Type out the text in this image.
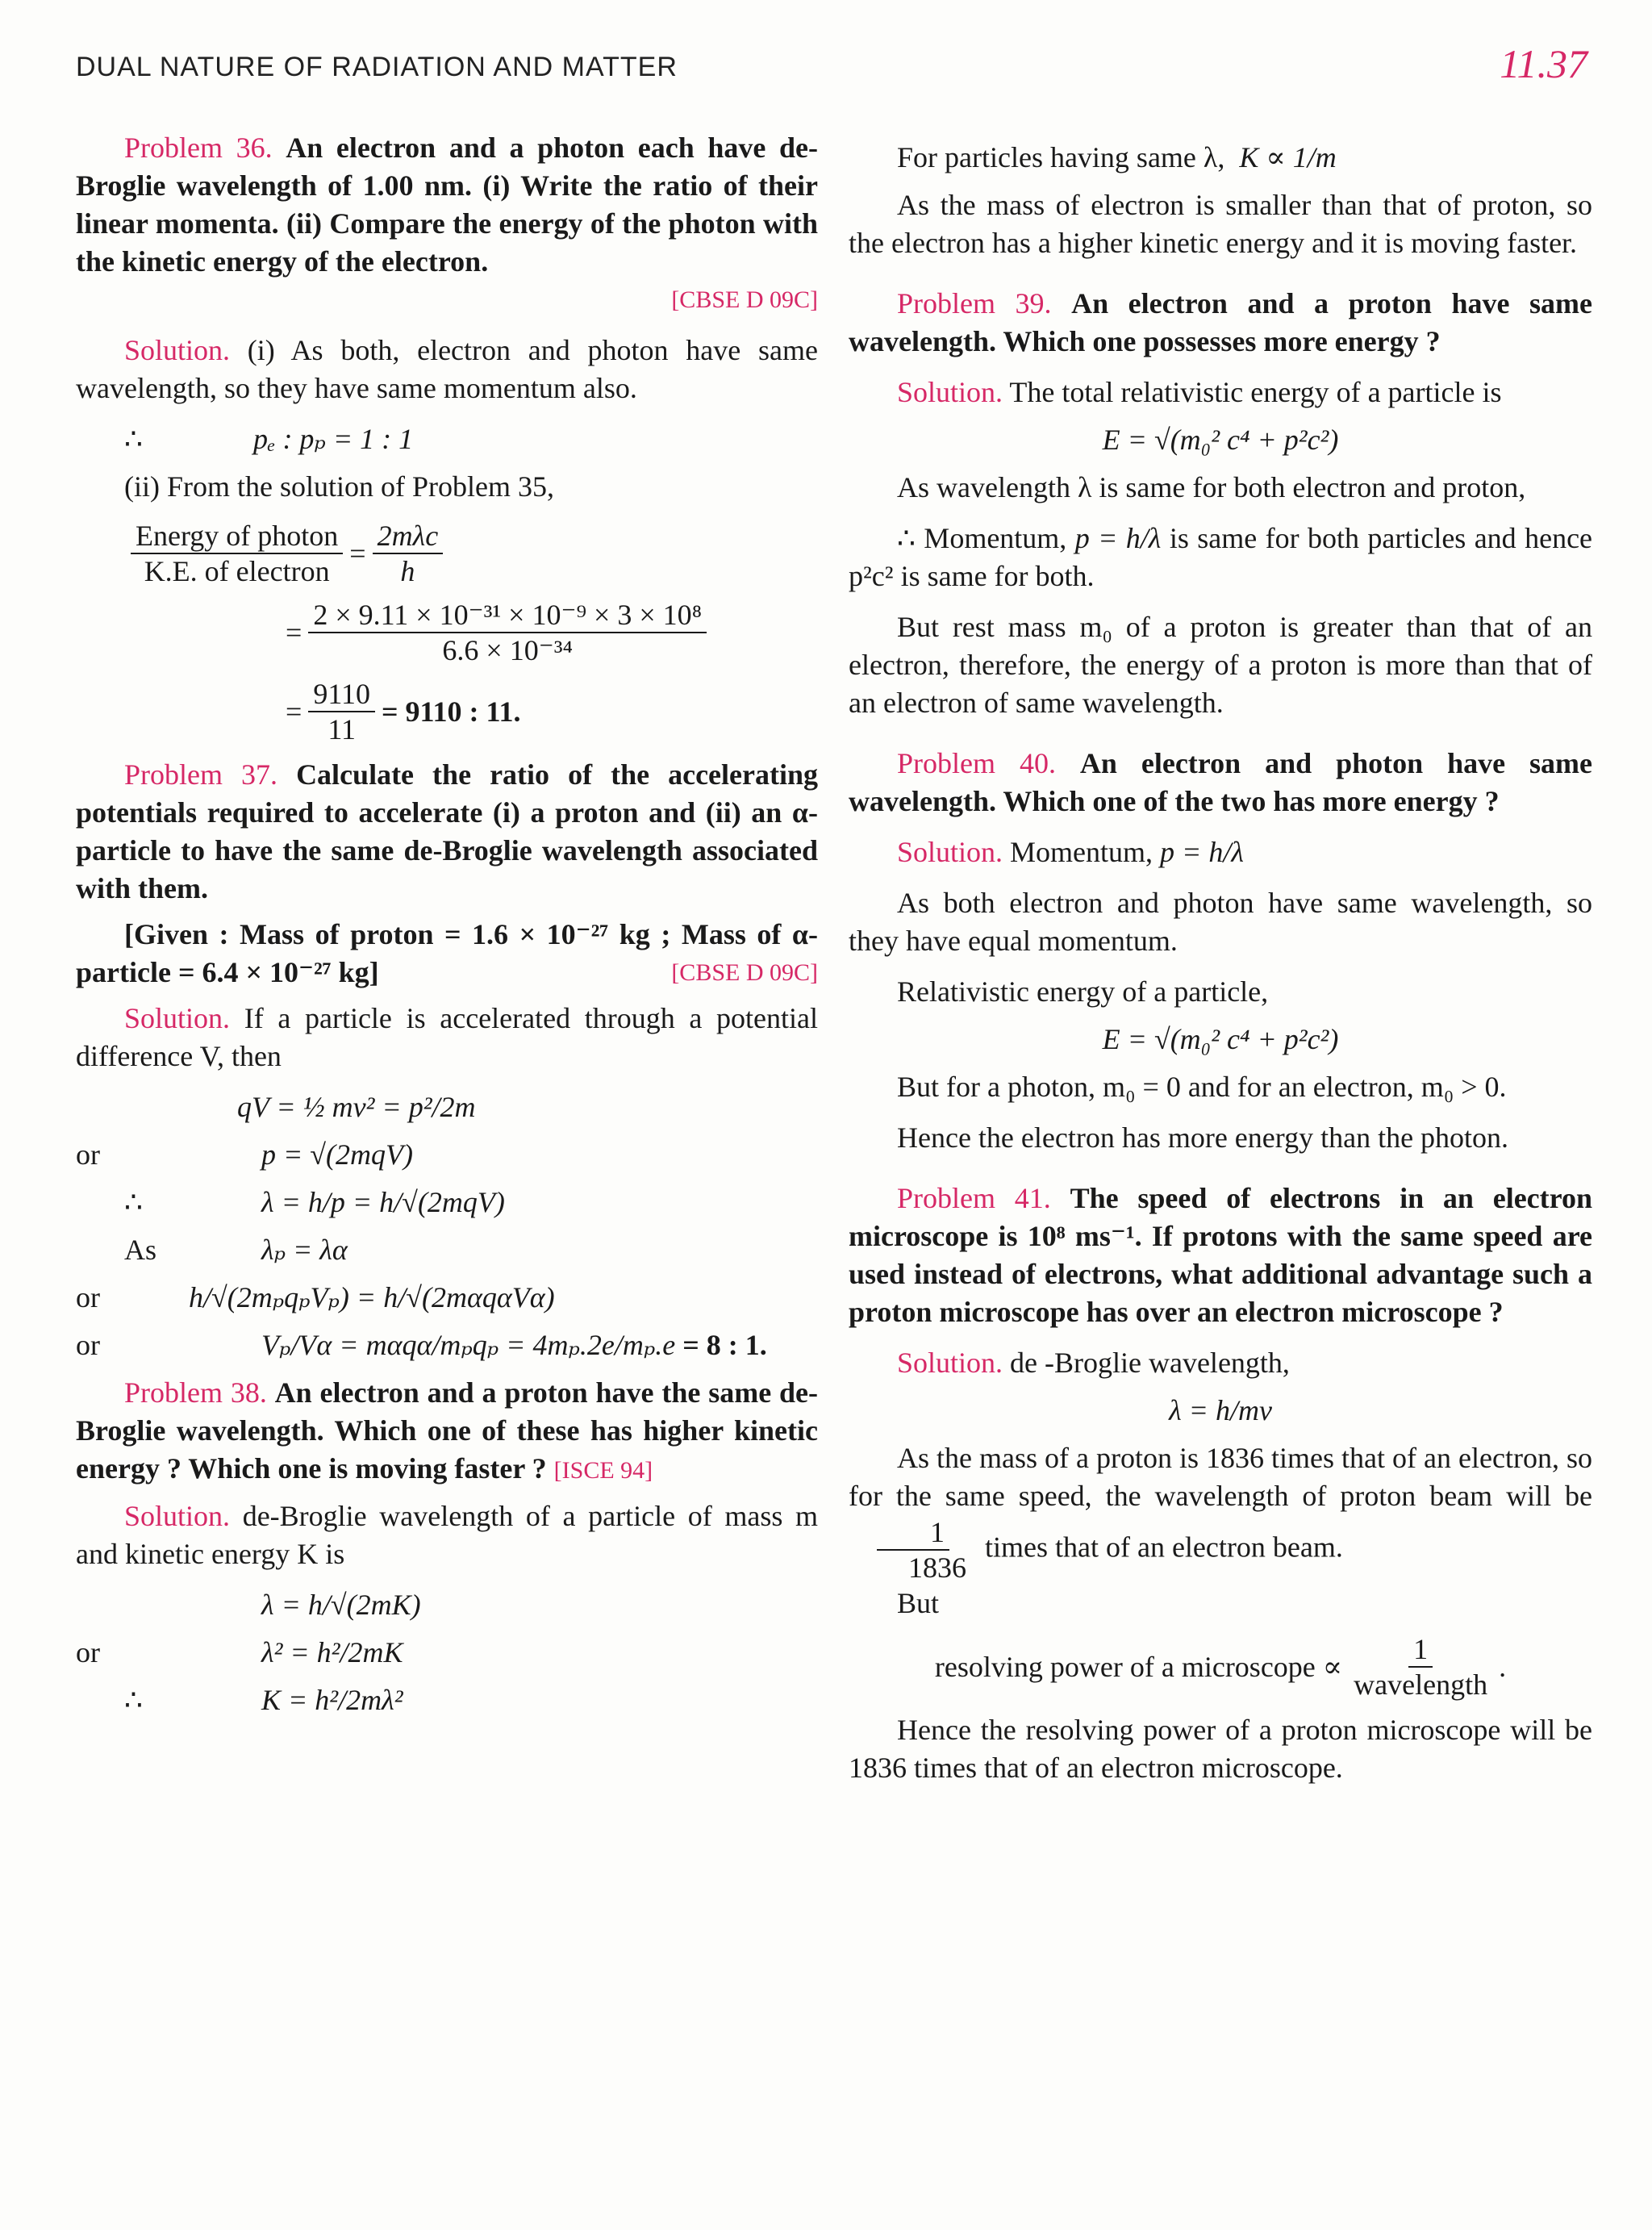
DUAL NATURE OF RADIATION AND MATTER	11.37

Problem 36. An electron and a photon each have de-Broglie wavelength of 1.00 nm. (i) Write the ratio of their linear momenta. (ii) Compare the energy of the photon with the kinetic energy of the electron.

[CBSE D 09C]

Solution. (i) As both, electron and photon have same wavelength, so they have same momentum also.

∴	pₑ : pₚ = 1 : 1

(ii) From the solution of Problem 35,

$\frac{\text{Energy of photon}}{\text{K.E. of electron}} = \frac{\text{2mλc}}{h}$
= $\frac{\text{2 × 9.11 × 10⁻³¹ × 10⁻⁹ × 3 × 10⁸}}{\text{6.6 × 10⁻³⁴}}$
= $\frac{9110}{11} = 9110$ : 11.

Problem 37. Calculate the ratio of the accelerating potentials required to accelerate (i) a proton and (ii) an α-particle to have the same de-Broglie wavelength associated with them.

[Given : Mass of proton = 1.6 × 10⁻²⁷ kg ; Mass of α-particle = 6.4 × 10⁻²⁷ kg]	[CBSE D 09C]

Solution. If a particle is accelerated through a potential difference V, then

qV = ½ mv² = p²/2m
or	p = √(2mqV)
∴	λ = h/p = h/√(2mqV)
As	λₚ = λα
or	h/√(2mₚqₚVₚ) = h/√(2mαqαVα)
or	Vₚ/Vα = mαqα/mₚqₚ = 4mₚ.2e/mₚ.e
= 8 : 1.

Problem 38. An electron and a proton have the same de-Broglie wavelength. Which one of these has higher kinetic energy ? Which one is moving faster ? [ISCE 94]

Solution. de-Broglie wavelength of a particle of mass m and kinetic energy K is

λ = h/√(2mK)
or	λ² = h²/2mK
∴	K = h²/2mλ²
For particles having same λ,
K ∝ 1/m

As the mass of electron is smaller than that of proton, so the electron has a higher kinetic energy and it is moving faster.

Problem 39. An electron and a proton have same wavelength. Which one possesses more energy ?

Solution. The total relativistic energy of a particle is

E = √(m₀² c⁴ + p²c²)

As wavelength λ is same for both electron and proton,

∴ Momentum, p = h/λ is same for both particles and hence p²c² is same for both.

But rest mass m₀ of a proton is greater than that of an electron, therefore, the energy of a proton is more than that of an electron of same wavelength.

Problem 40. An electron and photon have same wavelength. Which one of the two has more energy ?

Solution. Momentum, p = h/λ

As both electron and photon have same wavelength, so they have equal momentum.

Relativistic energy of a particle,

E = √(m₀² c⁴ + p²c²)

But for a photon, m₀ = 0 and for an electron, m₀ > 0.

Hence the electron has more energy than the photon.

Problem 41. The speed of electrons in an electron microscope is 10⁸ ms⁻¹. If protons with the same speed are used instead of electrons, what additional advantage such a proton microscope has over an electron microscope ?

Solution. de -Broglie wavelength,

λ = h/mv

As the mass of a proton is 1836 times that of an electron, so for the same speed, the wavelength of proton beam will be
$\frac{1}{1836}$ times that of an electron beam.

But

resolving power of a microscope ∝ $\frac{1}{\text{wavelength}}$ .

Hence the resolving power of a proton microscope will be 1836 times that of an electron microscope.
